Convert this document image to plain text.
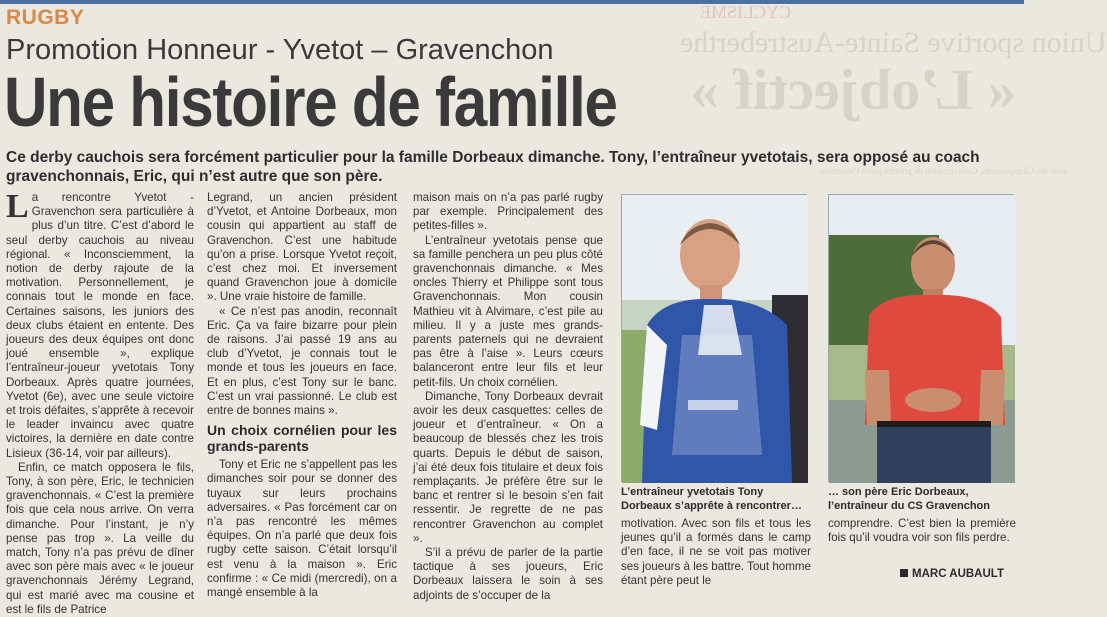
CYCLISME
Union sportive Sainte-Austreberthe
« L’objectif »
suite des Championnats. Cette occasion de prendre part à l’ensemble
RUGBY
Promotion Honneur - Yvetot – Gravenchon
Une histoire de famille
Ce derby cauchois sera forcément particulier pour la famille Dorbeaux dimanche. Tony, l’entraîneur yvetotais, sera opposé au coach gravenchonnais, Eric, qui n’est autre que son père.
L a rencontre Yvetot -Gravenchon sera particulière à plus d’un titre. C’est d’abord le seul derby cauchois au niveau régional. « Inconsciemment, la notion de derby rajoute de la motivation. Personnellement, je connais tout le monde en face. Certaines saisons, les juniors des deux clubs étaient en entente. Des joueurs des deux équipes ont donc joué ensemble », explique l’entraîneur-joueur yvetotais Tony Dorbeaux. Après quatre journées, Yvetot (6e), avec une seule victoire et trois défaites, s’apprête à recevoir le leader invaincu avec quatre victoires, la dernière en date contre Lisieux (36-14, voir par ailleurs).

Enfin, ce match opposera le fils, Tony, à son père, Eric, le technicien gravenchonnais. « C’est la première fois que cela nous arrive. On verra dimanche. Pour l’instant, je n’y pense pas trop ». La veille du match, Tony n’a pas prévu de dîner avec son père mais avec « le joueur gravenchonnais Jérémy Legrand, qui est marié avec ma cousine et est le fils de Patrice

Legrand, un ancien président d’Yvetot, et Antoine Dorbeaux, mon cousin qui appartient au staff de Gravenchon. C’est une habitude qu’on a prise. Lorsque Yvetot reçoit, c’est chez moi. Et inversement quand Gravenchon joue à domicile ». Une vraie histoire de famille.

« Ce n’est pas anodin, reconnaît Eric. Ça va faire bizarre pour plein de raisons. J’ai passé 19 ans au club d’Yvetot, je connais tout le monde et tous les joueurs en face. Et en plus, c’est Tony sur le banc. C’est un vrai passionné. Le club est entre de bonnes mains ».

Un choix cornélien pour les grands-parents

Tony et Eric ne s’appellent pas les dimanches soir pour se donner des tuyaux sur leurs prochains adversaires. « Pas forcément car on n’a pas rencontré les mêmes équipes. On n’a parlé que deux fois rugby cette saison. C’était lorsqu’il est venu à la maison ». Eric confirme : « Ce midi (mercredi), on a mangé ensemble à la

maison mais on n’a pas parlé rugby par exemple. Principalement des petites-filles ».

L’entraîneur yvetotais pense que sa famille penchera un peu plus côté gravenchonnais dimanche. « Mes oncles Thierry et Philippe sont tous Gravenchonnais. Mon cousin Mathieu vit à Alvimare, c’est pile au milieu. Il y a juste mes grands-parents paternels qui ne devraient pas être à l’aise ». Leurs cœurs balanceront entre leur fils et leur petit-fils. Un choix cornélien.

Dimanche, Tony Dorbeaux devrait avoir les deux casquettes: celles de joueur et d’entraîneur. « On a beaucoup de blessés chez les trois quarts. Depuis le début de saison, j’ai été deux fois titulaire et deux fois remplaçants. Je préfère être sur le banc et rentrer si le besoin s’en fait ressentir. Je regrette de ne pas rencontrer Gravenchon au complet ».

S’il a prévu de parler de la partie tactique à ses joueurs, Eric Dorbeaux laissera le soin à ses adjoints de s’occuper de la

L’entraîneur yvetotais Tony Dorbeaux s’apprête à rencontrer…
… son père Eric Dorbeaux, l’entraîneur du CS Gravenchon
motivation. Avec son fils et tous les jeunes qu’il a formés dans le camp d’en face, il ne se voit pas motiver ses joueurs à les battre. Tout homme étant père peut le
comprendre. C’est bien la première fois qu’il voudra voir son fils perdre.
MARC AUBAULT
